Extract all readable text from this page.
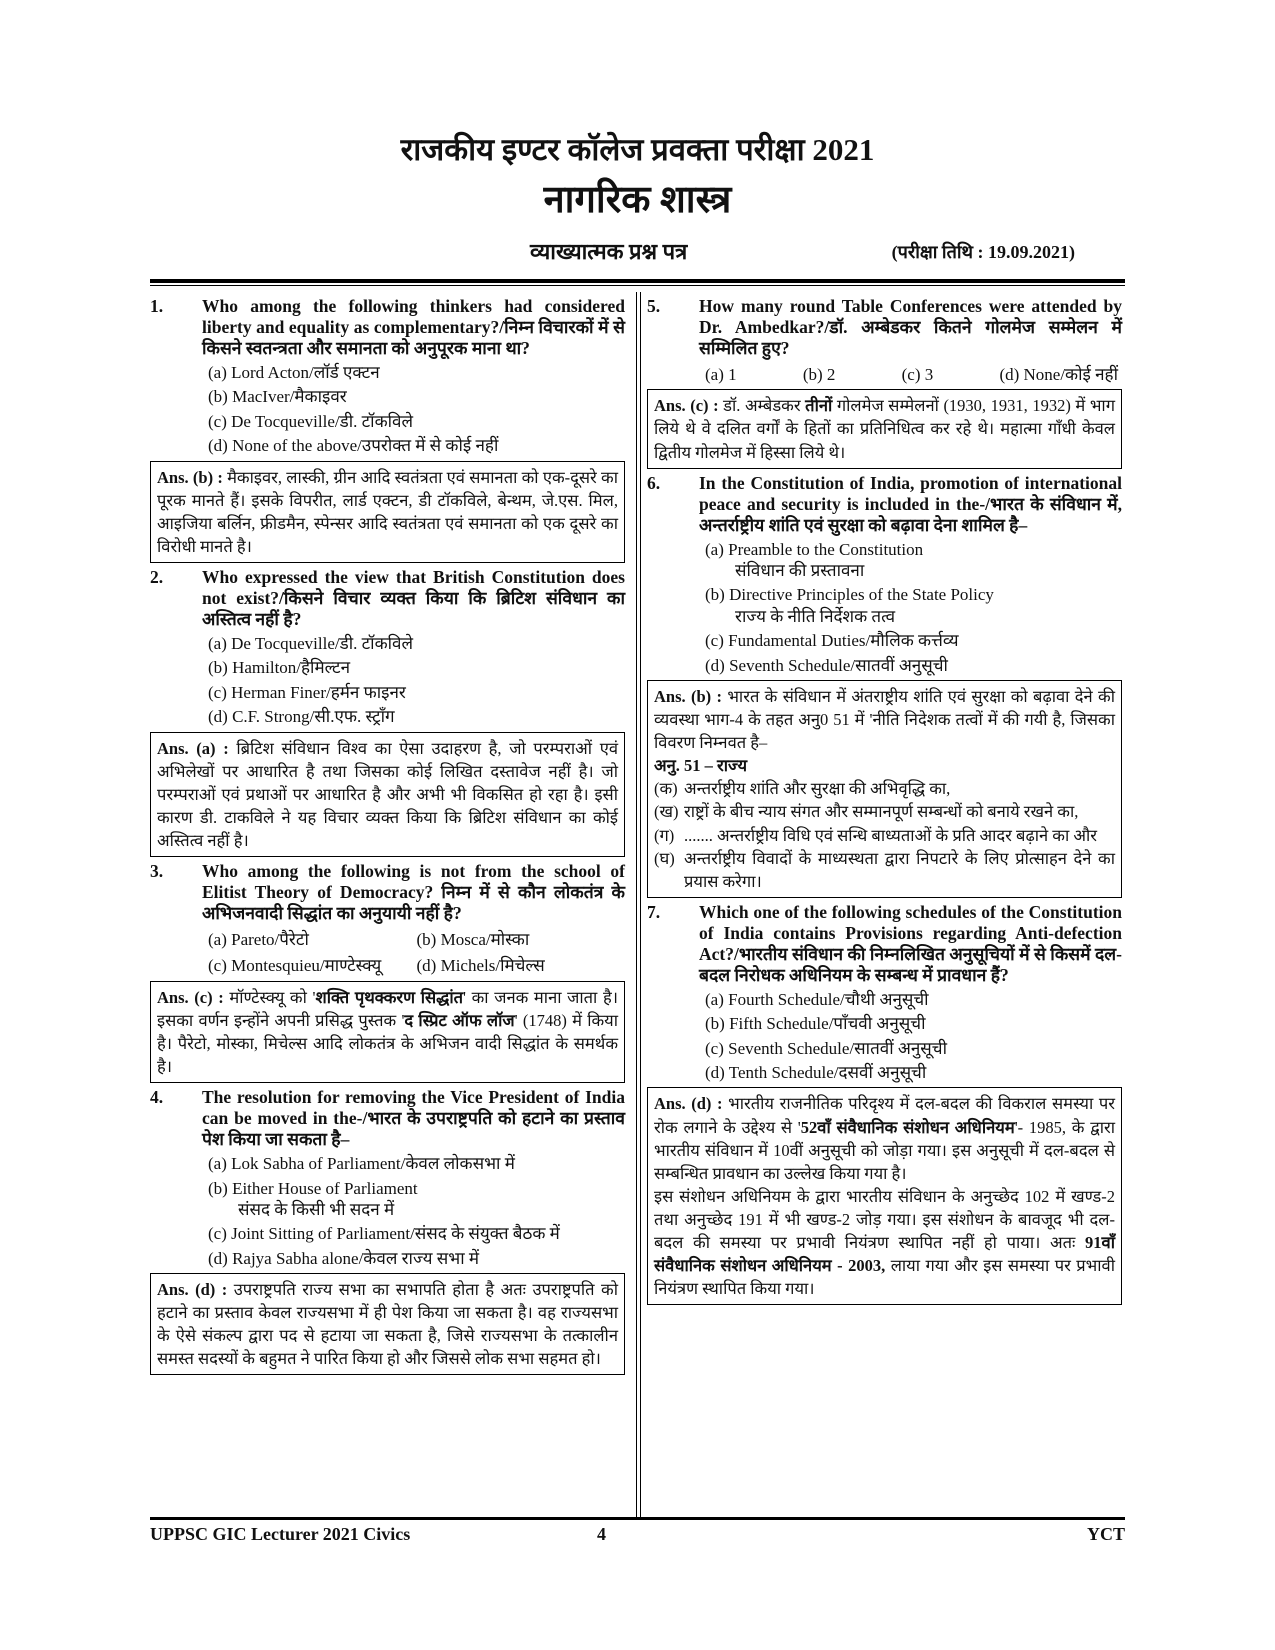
राजकीय इण्टर कॉलेज प्रवक्ता परीक्षा 2021
नागरिक शास्त्र
व्याख्यात्मक प्रश्न पत्र	(परीक्षा तिथि : 19.09.2021)
1.	Who among the following thinkers had considered liberty and equality as complementary?/निम्न विचारकों में से किसने स्वतन्त्रता और समानता को अनुपूरक माना था?
(a) Lord Acton/लॉर्ड एक्टन
(b) MacIver/मैकाइवर
(c) De Tocqueville/डी. टॉकविले
(d) None of the above/उपरोक्त में से कोई नहीं
Ans. (b) : मैकाइवर, लास्की, ग्रीन आदि स्वतंत्रता एवं समानता को एक-दूसरे का पूरक मानते हैं। इसके विपरीत, लार्ड एक्टन, डी टॉकविले, बेन्थम, जे.एस. मिल, आइजिया बर्लिन, फ्रीडमैन, स्पेन्सर आदि स्वतंत्रता एवं समानता को एक दूसरे का विरोधी मानते है।
2.	Who expressed the view that British Constitution does not exist?/किसने विचार व्यक्त किया कि ब्रिटिश संविधान का अस्तित्व नहीं है?
(a) De Tocqueville/डी. टॉकविले
(b) Hamilton/हैमिल्टन
(c) Herman Finer/हर्मन फाइनर
(d) C.F. Strong/सी.एफ. स्ट्राँग
Ans. (a) : ब्रिटिश संविधान विश्व का ऐसा उदाहरण है, जो परम्पराओं एवं अभिलेखों पर आधारित है तथा जिसका कोई लिखित दस्तावेज नहीं है। जो परम्पराओं एवं प्रथाओं पर आधारित है और अभी भी विकसित हो रहा है। इसी कारण डी. टाकविले ने यह विचार व्यक्त किया कि ब्रिटिश संविधान का कोई अस्तित्व नहीं है।
3.	Who among the following is not from the school of Elitist Theory of Democracy? निम्न में से कौन लोकतंत्र के अभिजनवादी सिद्धांत का अनुयायी नहीं है?
(a) Pareto/पैरेटो	(b) Mosca/मोस्का
(c) Montesquieu/माण्टेस्क्यू	(d) Michels/मिचेल्स
Ans. (c) : मॉण्टेस्क्यू को 'शक्ति पृथक्करण सिद्धांत' का जनक माना जाता है। इसका वर्णन इन्होंने अपनी प्रसिद्ध पुस्तक 'द स्प्रिट ऑफ लॉज' (1748) में किया है। पैरेटो, मोस्का, मिचेल्स आदि लोकतंत्र के अभिजन वादी सिद्धांत के समर्थक है।
4.	The resolution for removing the Vice President of India can be moved in the-/भारत के उपराष्ट्रपति को हटाने का प्रस्ताव पेश किया जा सकता है–
(a) Lok Sabha of Parliament/केवल लोकसभा में
(b) Either House of Parliament
संसद के किसी भी सदन में
(c) Joint Sitting of Parliament/संसद के संयुक्त बैठक में
(d) Rajya Sabha alone/केवल राज्य सभा में
Ans. (d) : उपराष्ट्रपति राज्य सभा का सभापति होता है अतः उपराष्ट्रपति को हटाने का प्रस्ताव केवल राज्यसभा में ही पेश किया जा सकता है। वह राज्यसभा के ऐसे संकल्प द्वारा पद से हटाया जा सकता है, जिसे राज्यसभा के तत्कालीन समस्त सदस्यों के बहुमत ने पारित किया हो और जिससे लोक सभा सहमत हो।
5.	How many round Table Conferences were attended by Dr. Ambedkar?/डॉ. अम्बेडकर कितने गोलमेज सम्मेलन में सम्मिलित हुए?
(a) 1	(b) 2	(c) 3	(d) None/कोई नहीं
Ans. (c) : डॉ. अम्बेडकर तीनों गोलमेज सम्मेलनों (1930, 1931, 1932) में भाग लिये थे वे दलित वर्गों के हितों का प्रतिनिधित्व कर रहे थे। महात्मा गाँधी केवल द्वितीय गोलमेज में हिस्सा लिये थे।
6.	In the Constitution of India, promotion of international peace and security is included in the-/भारत के संविधान में, अन्तर्राष्ट्रीय शांति एवं सुरक्षा को बढ़ावा देना शामिल है–
(a) Preamble to the Constitution
संविधान की प्रस्तावना
(b) Directive Principles of the State Policy
राज्य के नीति निर्देशक तत्व
(c) Fundamental Duties/मौलिक कर्त्तव्य
(d) Seventh Schedule/सातवीं अनुसूची
Ans. (b) : भारत के संविधान में अंतराष्ट्रीय शांति एवं सुरक्षा को बढ़ावा देने की व्यवस्था भाग-4 के तहत अनु0 51 में 'नीति निदेशक तत्वों में की गयी है, जिसका विवरण निम्नवत है–
अनु. 51 – राज्य
(क) अन्तर्राष्ट्रीय शांति और सुरक्षा की अभिवृद्धि का,
(ख) राष्ट्रों के बीच न्याय संगत और सम्मानपूर्ण सम्बन्धों को बनाये रखने का,
(ग) ....... अन्तर्राष्ट्रीय विधि एवं सन्धि बाध्यताओं के प्रति आदर बढ़ाने का और
(घ) अन्तर्राष्ट्रीय विवादों के माध्यस्थता द्वारा निपटारे के लिए प्रोत्साहन देने का प्रयास करेगा।
7.	Which one of the following schedules of the Constitution of India contains Provisions regarding Anti-defection Act?/भारतीय संविधान की निम्नलिखित अनुसूचियों में से किसमें दल-बदल निरोधक अधिनियम के सम्बन्ध में प्रावधान हैं?
(a) Fourth Schedule/चौथी अनुसूची
(b) Fifth Schedule/पाँचवी अनुसूची
(c) Seventh Schedule/सातवीं अनुसूची
(d) Tenth Schedule/दसवीं अनुसूची
Ans. (d) : भारतीय राजनीतिक परिदृश्य में दल-बदल की विकराल समस्या पर रोक लगाने के उद्देश्य से '52वाँ संवैधानिक संशोधन अधिनियम'- 1985, के द्वारा भारतीय संविधान में 10वीं अनुसूची को जोड़ा गया। इस अनुसूची में दल-बदल से सम्बन्धित प्रावधान का उल्लेख किया गया है।
इस संशोधन अधिनियम के द्वारा भारतीय संविधान के अनुच्छेद 102 में खण्ड-2 तथा अनुच्छेद 191 में भी खण्ड-2 जोड़ गया। इस संशोधन के बावजूद भी दल-बदल की समस्या पर प्रभावी नियंत्रण स्थापित नहीं हो पाया। अतः 91वाँ संवैधानिक संशोधन अधिनियम - 2003, लाया गया और इस समस्या पर प्रभावी नियंत्रण स्थापित किया गया।
UPPSC GIC Lecturer 2021 Civics	4	YCT
